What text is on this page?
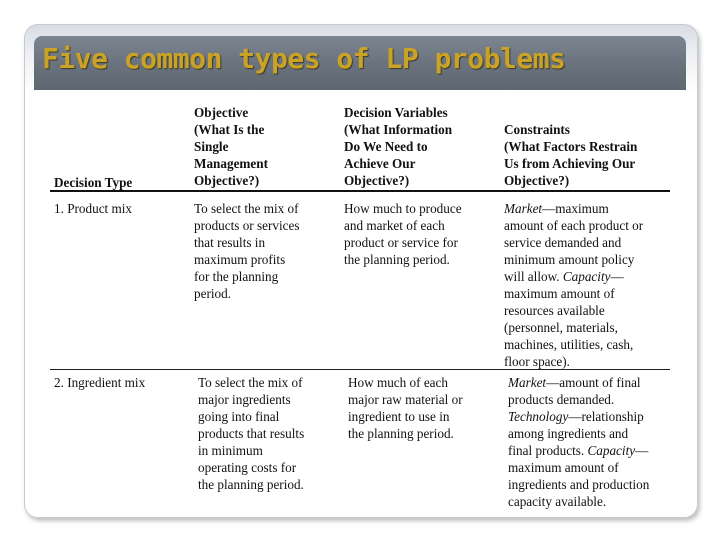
Five common types of LP problems
Decision Type
Objective
(What Is the
Single
Management
Objective?)
Decision Variables
(What Information
Do We Need to
Achieve Our
Objective?)
Constraints
(What Factors Restrain
Us from Achieving Our
Objective?)
1. Product mix	To select the mix of
products or services
that results in
maximum profits
for the planning
period.
How much to produce
and market of each
product or service for
the planning period.
Market—maximum
amount of each product or
service demanded and
minimum amount policy
will allow. Capacity—
maximum amount of
resources available
(personnel, materials,
machines, utilities, cash,
floor space).
2. Ingredient mix	To select the mix of
major ingredients
going into final
products that results
in minimum
operating costs for
the planning period.
How much of each
major raw material or
ingredient to use in
the planning period.
Market—amount of final
products demanded.
Technology—relationship
among ingredients and
final products. Capacity—
maximum amount of
ingredients and production
capacity available.
